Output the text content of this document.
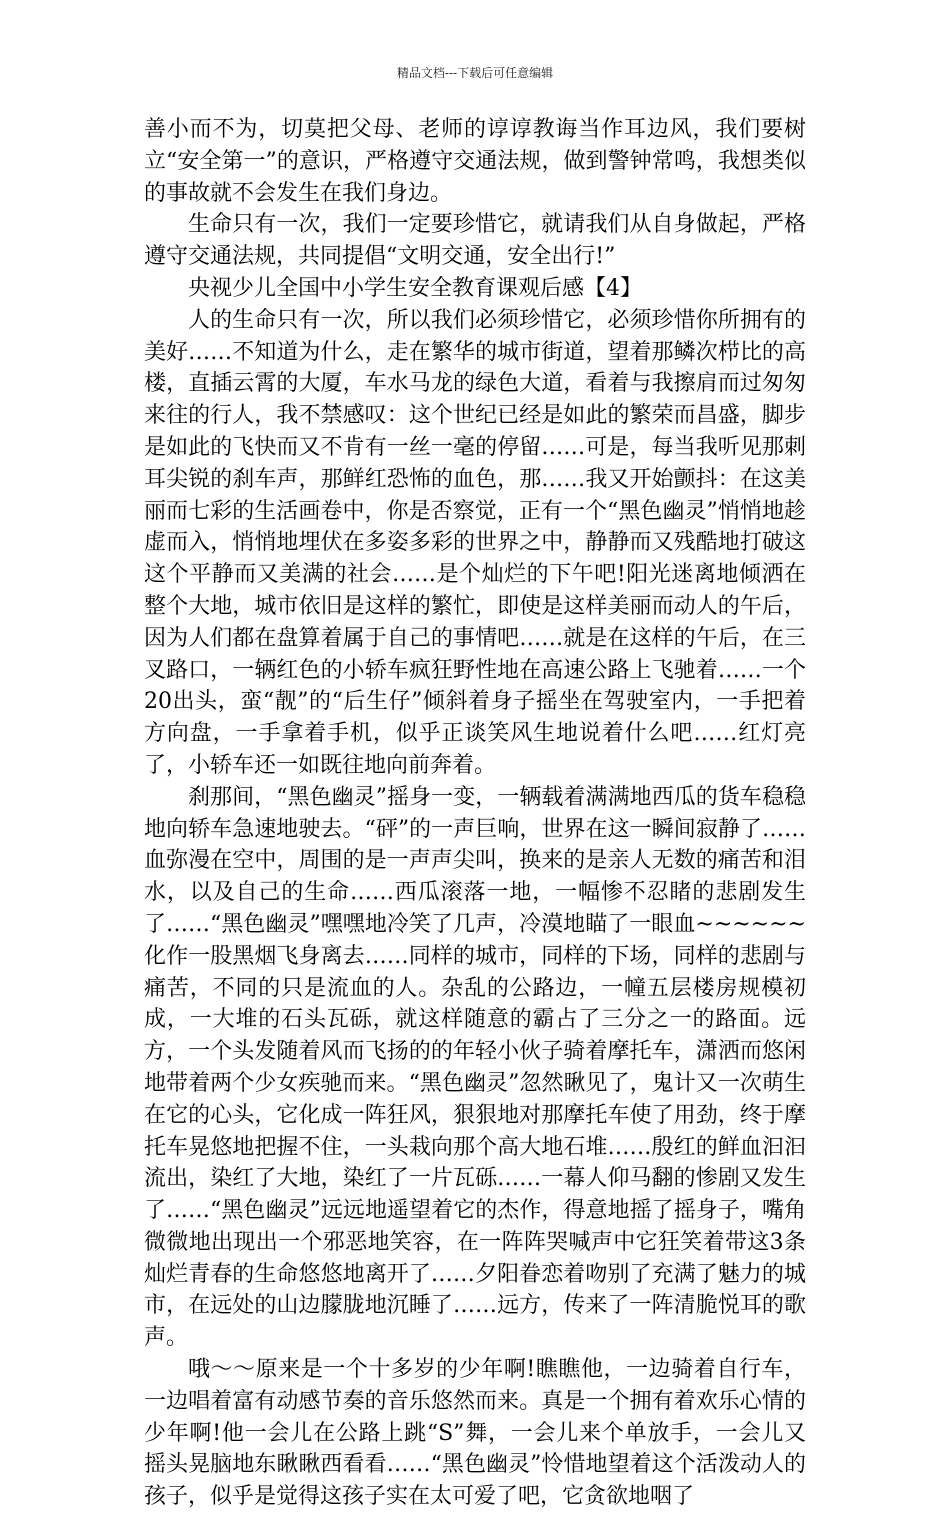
精品文档---下载后可任意编辑

善小而不为，切莫把父母、老师的谆谆教诲当作耳边风，我们要树立“安全第一”的意识，严格遵守交通法规，做到警钟常鸣，我想类似的事故就不会发生在我们身边。

生命只有一次，我们一定要珍惜它，就请我们从自身做起，严格遵守交通法规，共同提倡“文明交通，安全出行!”

央视少儿全国中小学生安全教育课观后感【4】

人的生命只有一次，所以我们必须珍惜它，必须珍惜你所拥有的美好……不知道为什么，走在繁华的城市街道，望着那鳞次栉比的高楼，直插云霄的大厦，车水马龙的绿色大道，看着与我擦肩而过匆匆来往的行人，我不禁感叹：这个世纪已经是如此的繁荣而昌盛，脚步是如此的飞快而又不肯有一丝一毫的停留……可是，每当我听见那刺耳尖锐的刹车声，那鲜红恐怖的血色，那……我又开始颤抖：在这美丽而七彩的生活画卷中，你是否察觉，正有一个“黑色幽灵”悄悄地趁虚而入，悄悄地埋伏在多姿多彩的世界之中，静静而又残酷地打破这这个平静而又美满的社会……是个灿烂的下午吧!阳光迷离地倾洒在整个大地，城市依旧是这样的繁忙，即使是这样美丽而动人的午后，因为人们都在盘算着属于自己的事情吧……就是在这样的午后，在三叉路口，一辆红色的小轿车疯狂野性地在高速公路上飞驰着……一个20出头，蛮“靓”的“后生仔”倾斜着身子摇坐在驾驶室内，一手把着方向盘，一手拿着手机，似乎正谈笑风生地说着什么吧……红灯亮了，小轿车还一如既往地向前奔着。

刹那间，“黑色幽灵”摇身一变，一辆载着满满地西瓜的货车稳稳地向轿车急速地驶去。“砰”的一声巨响，世界在这一瞬间寂静了……血弥漫在空中，周围的是一声声尖叫，换来的是亲人无数的痛苦和泪水，以及自己的生命……西瓜滚落一地，一幅惨不忍睹的悲剧发生了……“黑色幽灵”嘿嘿地冷笑了几声，冷漠地瞄了一眼血~~~~~~化作一股黑烟飞身离去……同样的城市，同样的下场，同样的悲剧与痛苦，不同的只是流血的人。杂乱的公路边，一幢五层楼房规模初成，一大堆的石头瓦砾，就这样随意的霸占了三分之一的路面。远方，一个头发随着风而飞扬的的年轻小伙子骑着摩托车，潇洒而悠闲地带着两个少女疾驰而来。“黑色幽灵”忽然瞅见了，鬼计又一次萌生在它的心头，它化成一阵狂风，狠狠地对那摩托车使了用劲，终于摩托车晃悠地把握不住，一头栽向那个高大地石堆……殷红的鲜血汩汩流出，染红了大地，染红了一片瓦砾……一幕人仰马翻的惨剧又发生了……“黑色幽灵”远远地遥望着它的杰作，得意地摇了摇身子，嘴角微微地出现出一个邪恶地笑容，在一阵阵哭喊声中它狂笑着带这3条灿烂青春的生命悠悠地离开了……夕阳眷恋着吻别了充满了魅力的城市，在远处的山边朦胧地沉睡了……远方，传来了一阵清脆悦耳的歌声。

哦～～原来是一个十多岁的少年啊!瞧瞧他，一边骑着自行车，一边唱着富有动感节奏的音乐悠然而来。真是一个拥有着欢乐心情的少年啊!他一会儿在公路上跳“S”舞，一会儿来个单放手，一会儿又摇头晃脑地东瞅瞅西看看……“黑色幽灵”怜惜地望着这个活泼动人的孩子，似乎是觉得这孩子实在太可爱了吧，它贪欲地咽了
